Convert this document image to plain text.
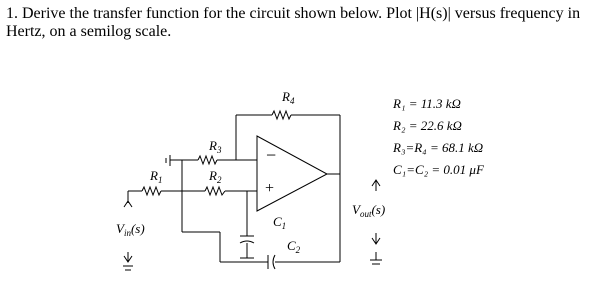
1. Derive the transfer function for the circuit shown below. Plot |H(s)| versus frequency in Hertz, on a semilog scale.

−
+
$R_1$
$R_3$
$R_2$
$R_4$
$C_1$
$C_2$
$V_{in}(s)$
$V_{out}(s)$
R₁ = 11.3 kΩ
R₂ = 22.6 kΩ
R₃=R₄ = 68.1 kΩ
C₁=C₂ = 0.01 μF
